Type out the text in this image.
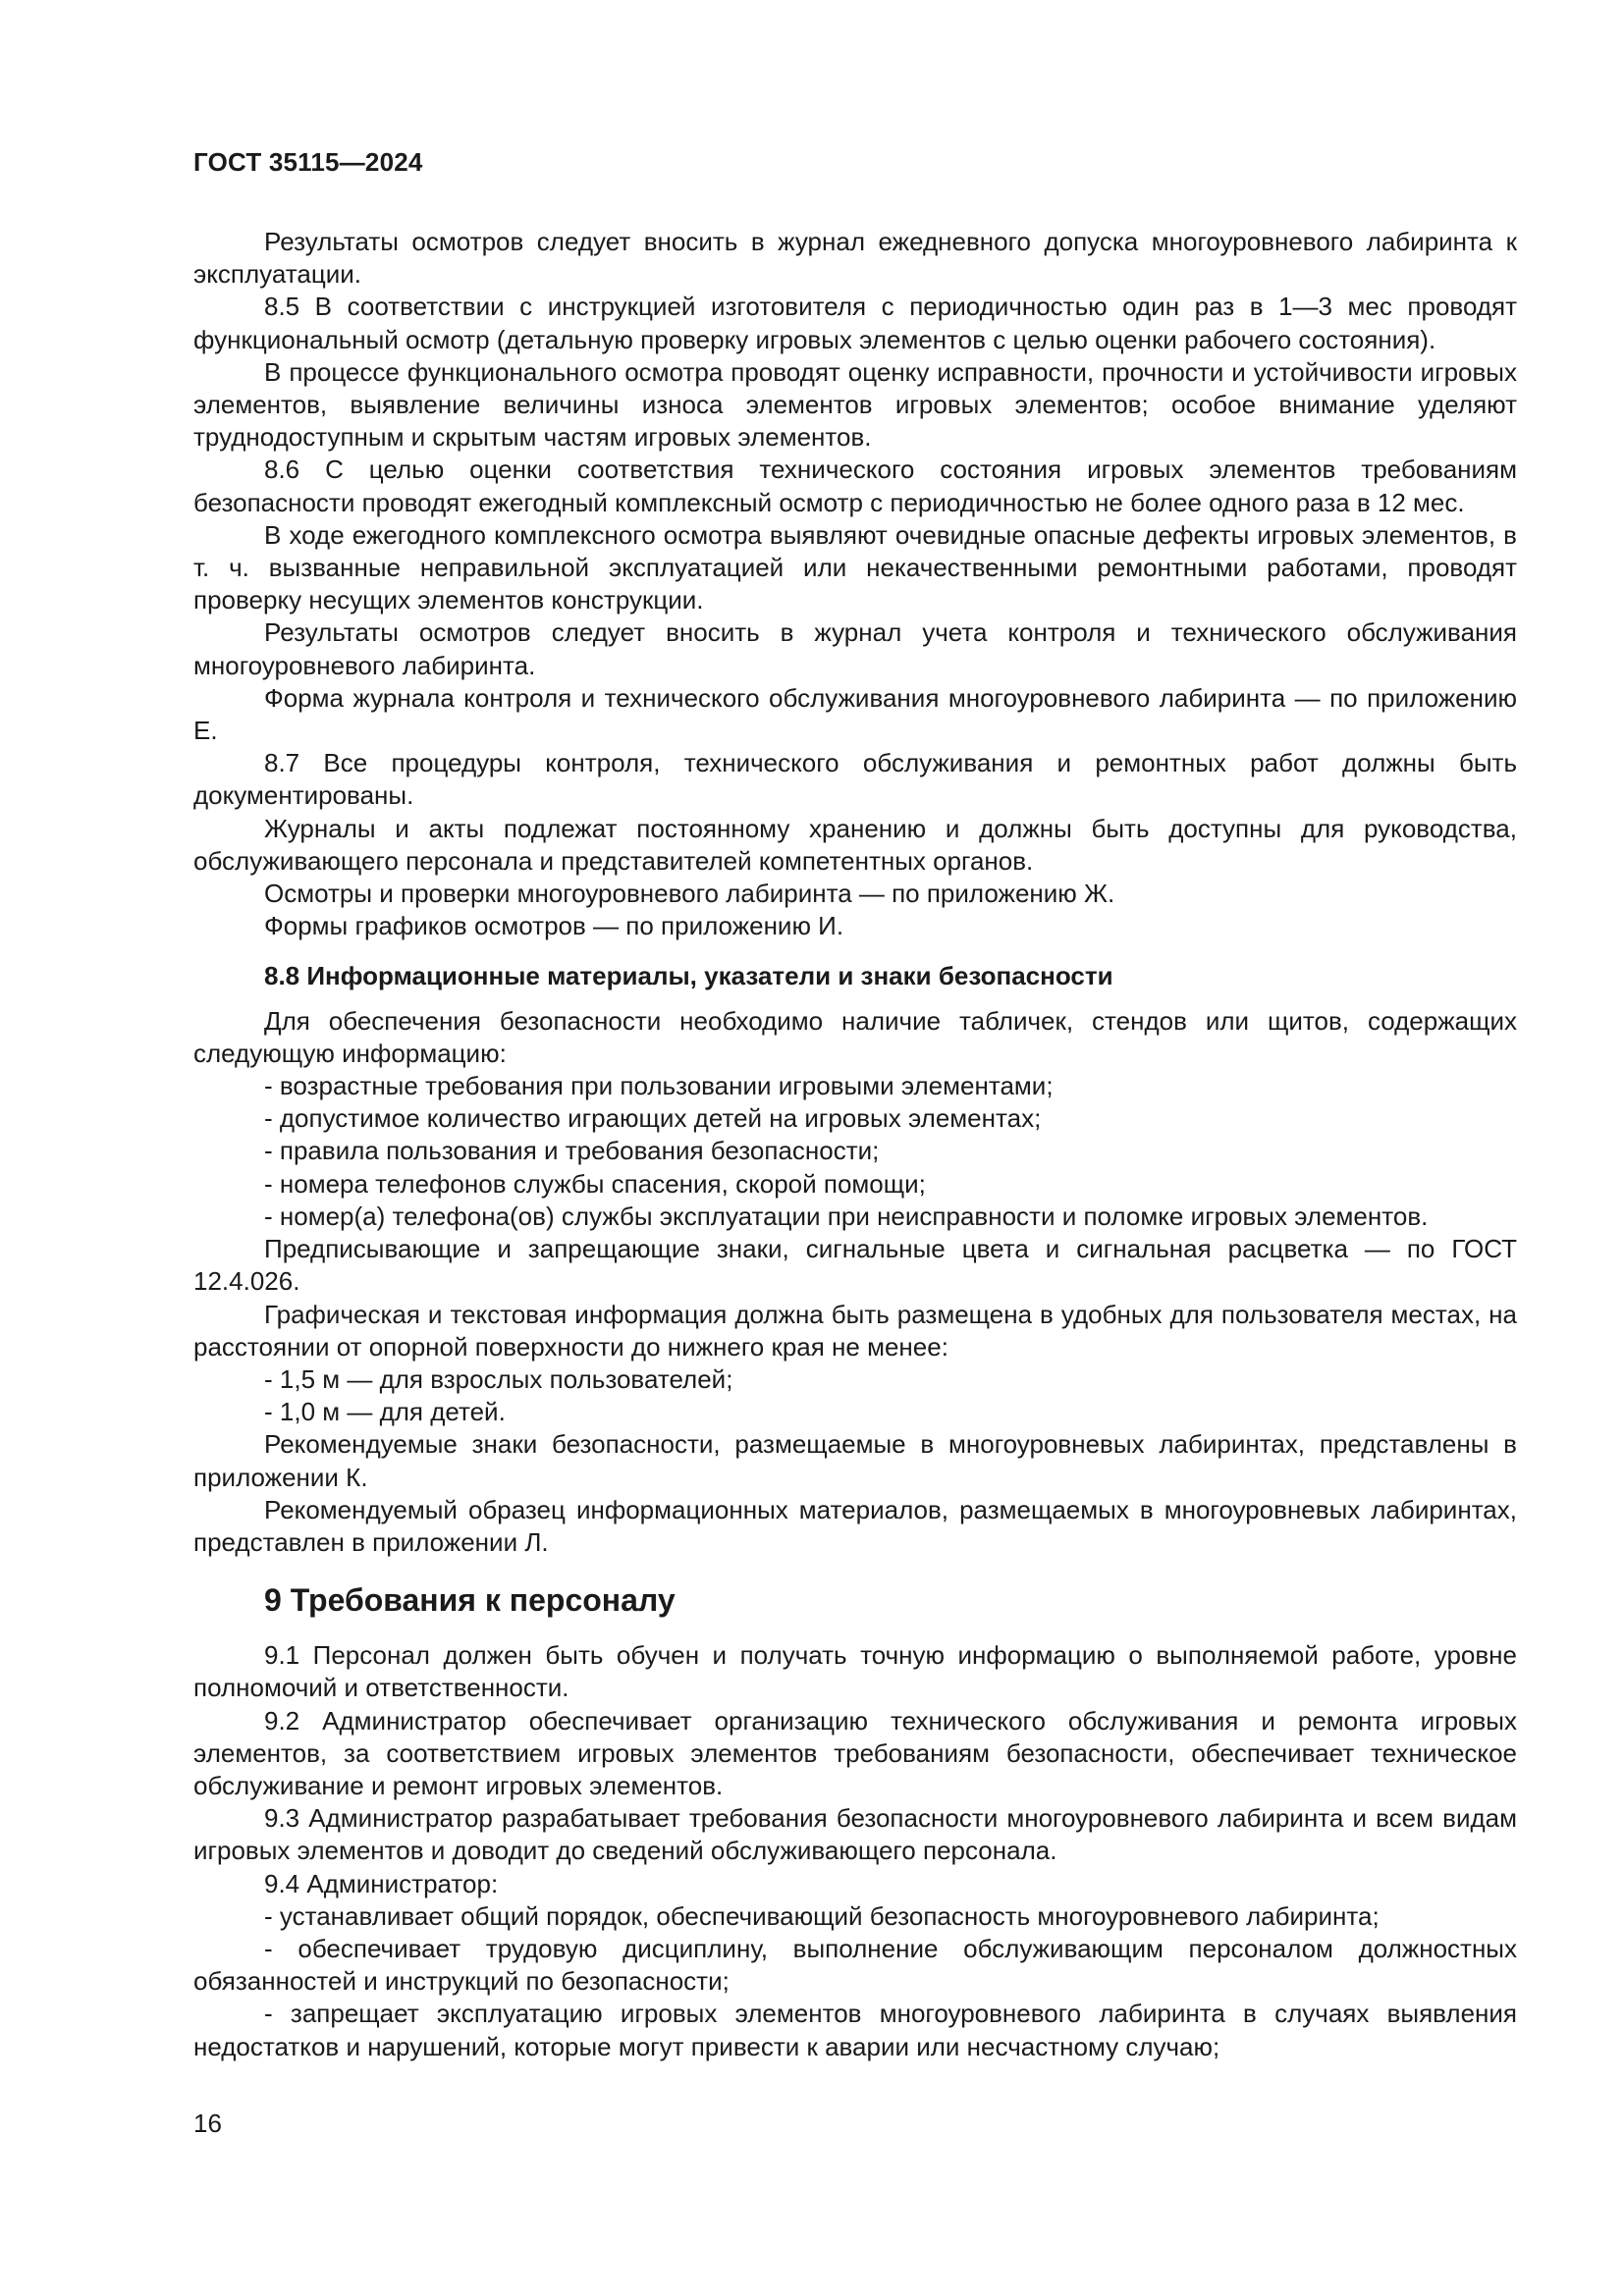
ГОСТ 35115—2024

Результаты осмотров следует вносить в журнал ежедневного допуска многоуровневого лабиринта к эксплуатации.

8.5 В соответствии с инструкцией изготовителя с периодичностью один раз в 1—3 мес проводят функциональный осмотр (детальную проверку игровых элементов с целью оценки рабочего состояния).

В процессе функционального осмотра проводят оценку исправности, прочности и устойчивости игровых элементов, выявление величины износа элементов игровых элементов; особое внимание уделяют труднодоступным и скрытым частям игровых элементов.

8.6 С целью оценки соответствия технического состояния игровых элементов требованиям безопасности проводят ежегодный комплексный осмотр с периодичностью не более одного раза в 12 мес.

В ходе ежегодного комплексного осмотра выявляют очевидные опасные дефекты игровых элементов, в т. ч. вызванные неправильной эксплуатацией или некачественными ремонтными работами, проводят проверку несущих элементов конструкции.

Результаты осмотров следует вносить в журнал учета контроля и технического обслуживания многоуровневого лабиринта.

Форма журнала контроля и технического обслуживания многоуровневого лабиринта — по приложению Е.

8.7 Все процедуры контроля, технического обслуживания и ремонтных работ должны быть документированы.

Журналы и акты подлежат постоянному хранению и должны быть доступны для руководства, обслуживающего персонала и представителей компетентных органов.

Осмотры и проверки многоуровневого лабиринта — по приложению Ж.

Формы графиков осмотров — по приложению И.

8.8 Информационные материалы, указатели и знаки безопасности

Для обеспечения безопасности необходимо наличие табличек, стендов или щитов, содержащих следующую информацию:

- возрастные требования при пользовании игровыми элементами;
- допустимое количество играющих детей на игровых элементах;
- правила пользования и требования безопасности;
- номера телефонов службы спасения, скорой помощи;
- номер(а) телефона(ов) службы эксплуатации при неисправности и поломке игровых элементов.

Предписывающие и запрещающие знаки, сигнальные цвета и сигнальная расцветка — по ГОСТ 12.4.026.

Графическая и текстовая информация должна быть размещена в удобных для пользователя местах, на расстоянии от опорной поверхности до нижнего края не менее:

- 1,5 м — для взрослых пользователей;
- 1,0 м — для детей.

Рекомендуемые знаки безопасности, размещаемые в многоуровневых лабиринтах, представлены в приложении К.

Рекомендуемый образец информационных материалов, размещаемых в многоуровневых лабиринтах, представлен в приложении Л.

9 Требования к персоналу

9.1 Персонал должен быть обучен и получать точную информацию о выполняемой работе, уровне полномочий и ответственности.

9.2 Администратор обеспечивает организацию технического обслуживания и ремонта игровых элементов, за соответствием игровых элементов требованиям безопасности, обеспечивает техническое обслуживание и ремонт игровых элементов.

9.3 Администратор разрабатывает требования безопасности многоуровневого лабиринта и всем видам игровых элементов и доводит до сведений обслуживающего персонала.

9.4 Администратор:

- устанавливает общий порядок, обеспечивающий безопасность многоуровневого лабиринта;

- обеспечивает трудовую дисциплину, выполнение обслуживающим персоналом должностных обязанностей и инструкций по безопасности;

- запрещает эксплуатацию игровых элементов многоуровневого лабиринта в случаях выявления недостатков и нарушений, которые могут привести к аварии или несчастному случаю;

16
